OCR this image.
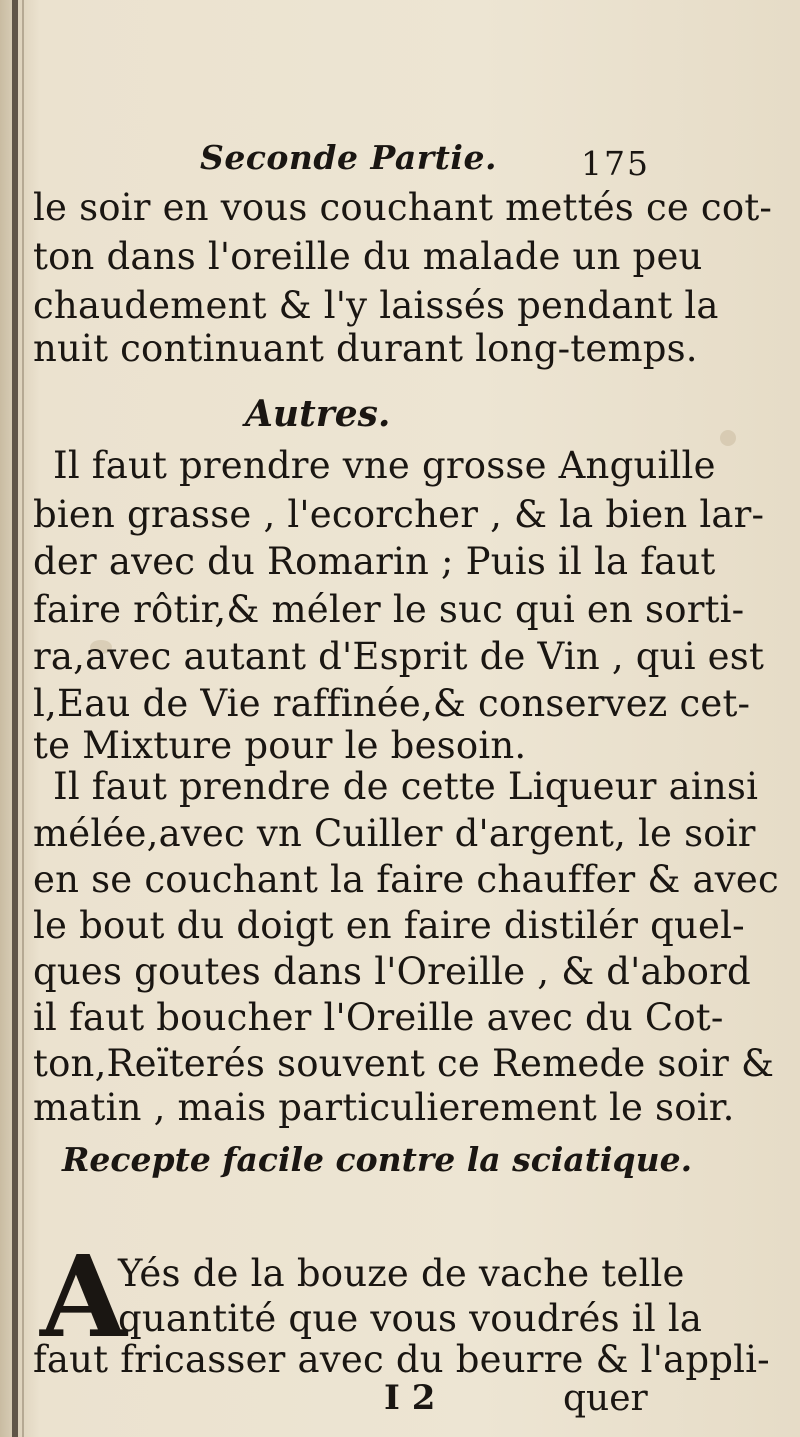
Seconde Partie.	175
le soir en vous couchant mettés ce cot-
ton dans l'oreille du malade un peu
chaudement & l'y laissés pendant la
nuit continuant durant long-temps.
Autres.
Il faut prendre vne grosse Anguille
bien grasse , l'ecorcher , & la bien lar-
der avec du Romarin ; Puis il la faut
faire rôtir,& méler le suc qui en sorti-
ra,avec autant d'Esprit de Vin , qui est
l,Eau de Vie raffinée,& conservez cet-
te Mixture pour le besoin.
Il faut prendre de cette Liqueur ainsi
mélée,avec vn Cuiller d'argent, le soir
en se couchant la faire chauffer & avec
le bout du doigt en faire distilér quel-
ques goutes dans l'Oreille , & d'abord
il faut boucher l'Oreille avec du Cot-
ton,Reïterés souvent ce Remede soir &
matin , mais particulierement le soir.
Recepte facile contre la sciatique.
A
Yés de la bouze de vache telle
quantité que vous voudrés il la
faut fricasser avec du beurre & l'appli-
I 2	quer
